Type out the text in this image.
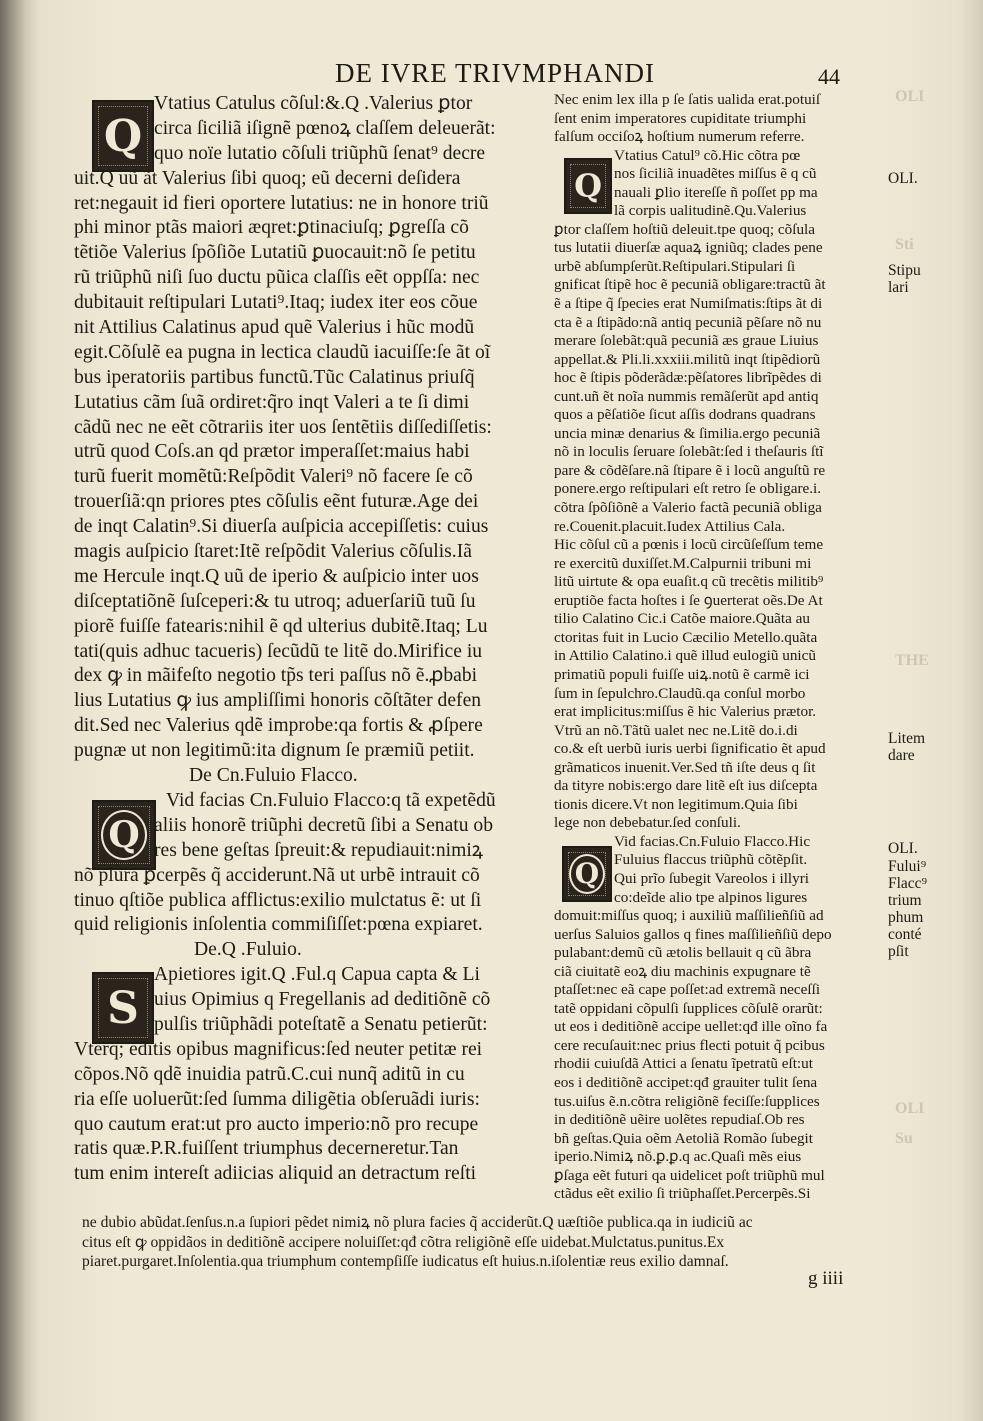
OLI
Sti
THE
OLI
Su
DE IVRE TRIVMPHANDI	44
Q
Q
S
Q
Q
Vtatius Catulus cõſul:&.Q .Valerius ꝑtor
circa ſiciliã iſignẽ pœnoꝝ claſſem deleuerãt:
quo noïe lutatio cõſuli triũphũ ſenat⁹ decre
uit.Q uũ ãt Valerius ſibi quoq; eũ decerni deſidera
ret:negauit id fieri oportere lutatius: ne in honore triũ
phi minor ptãs maiori æqret:ꝑtinaciuſq; ꝑgreſſa cõ
tẽtiõe Valerius ſpõſiõe Lutatiũ ꝑuocauit:nõ ſe petitu
rũ triũphũ niſi ſuo ductu pũica claſſis eẽt oppſſa: nec
dubitauit reſtipulari Lutati⁹.Itaq; iudex iter eos cõue
nit Attilius Calatinus apud quẽ Valerius i hũc modũ
egit.Cõſulẽ ea pugna in lectica claudũ iacuiſſe:ſe ãt oĩ
bus iperatoriis partibus functũ.Tũc Calatinus priuſq̃
Lutatius cãm ſuã ordiret:q̃ro inqt Valeri a te ſi dimi
cãdũ nec ne eẽt cõtrariis iter uos ſentẽtiis diſſediſſetis:
utrũ quod Coſs.an qd prætor imperaſſet:maius habi
turũ fuerit momẽtũ:Reſpõdit Valeri⁹ nõ facere ſe cõ
trouerſiã:qn priores ptes cõſulis eẽnt futuræ.Age dei
de inqt Calatin⁹.Si diuerſa auſpicia accepiſſetis: cuius
magis auſpicio ſtaret:Itẽ reſpõdit Valerius cõſulis.Iã
me Hercule inqt.Q uũ de iperio & auſpicio inter uos
diſceptatiõnẽ ſuſceperi:& tu utroq; aduerſariũ tuũ ſu
piorẽ fuiſſe fatearis:nihil ẽ qd ulterius dubitẽ.Itaq; Lu
tati(quis adhuc tacueris) ſecũdũ te litẽ do.Mirifice iu
dex ꝙ in mãifeſto negotio tp̃s teri paſſus nõ ẽ.ꝓbabi
lius Lutatius ꝙ ius ampliſſimi honoris cõſtãter defen
dit.Sed nec Valerius qdẽ improbe:qa fortis & ꝓſpere
pugnæ ut non legitimũ:ita dignum ſe præmiũ petiit.
De Cn.Fuluio Flacco.
Vid facias Cn.Fuluio Flacco:q tã expetẽdũ
aliis honorẽ triũphi decretũ ſibi a Senatu ob
res bene geſtas ſpreuit:& repudiauit:nimiꝝ
nõ plura ꝑcerpẽs q̃ acciderunt.Nã ut urbẽ intrauit cõ
tinuo qſtiõe publica afflictus:exilio mulctatus ẽ: ut ſi
quid religionis inſolentia commiſiſſet:pœna expiaret.
De.Q .Fuluio.
Apietiores igit.Q .Ful.q Capua capta & Li
uius Opimius q Fregellanis ad deditiõnẽ cõ
pulſis triũphãdi poteſtatẽ a Senatu petierũt:
Vterq; editis opibus magnificus:ſed neuter petitæ rei
cõpos.Nõ qdẽ inuidia patrũ.C.cui nunq̃ aditũ in cu
ria eſſe uoluerũt:ſed ſumma diligẽtia obſeruãdi iuris:
quo cautum erat:ut pro aucto imperio:nõ pro recupe
ratis quæ.P.R.fuiſſent triumphus decerneretur.Tan
tum enim intereſt adiicias aliquid an detractum reſti
Nec enim lex illa p ſe ſatis ualida erat.potuiſ
ſent enim imperatores cupiditate triumphi
falſum occiſoꝝ hoſtium numerum referre.
Vtatius Catul⁹ cõ.Hic cõtra pœ
nos ſiciliã inuadẽtes miſſus ẽ q cũ
nauali ꝑlio itereſſe ñ poſſet pp ma
lã corpis ualitudinẽ.Qu.Valerius
ꝑtor claſſem hoſtiũ deleuit.tpe quoq; cõſula
tus lutatii diuerſæ aquaꝝ igniũq; clades pene
urbẽ abſumpſerũt.Reſtipulari.Stipulari ſi
gnificat ſtipẽ hoc ẽ pecuniã obligare:tractũ ãt
ẽ a ſtipe q̃ ſpecies erat Numiſmatis:ſtips ãt di
cta ẽ a ſtipãdo:nã antiq pecuniã pẽſare nõ nu
merare ſolebãt:quã pecuniã æs graue Liuius
appellat.& Pli.li.xxxiii.militũ inqt ſtipẽdiorũ
hoc ẽ ſtipis põderãdæ:pẽſatores librĩpẽdes di
cunt.uñ ẽt noĩa nummis remãſerũt apd antiq
quos a pẽſatiõe ſicut aſſis dodrans quadrans
uncia minæ denarius & ſimilia.ergo pecuniã
nõ in loculis ſeruare ſolebãt:ſed i theſauris ſtĩ
pare & cõdẽſare.nã ſtipare ẽ i locũ anguſtũ re
ponere.ergo reſtipulari eſt retro ſe obligare.i.
cõtra ſpõſiõnẽ a Valerio factã pecuniã obliga
re.Couenit.placuit.Iudex Attilius Cala.
Hic cõſul cũ a pœnis i locũ circũſeſſum teme
re exercitũ duxiſſet.M.Calpurnii tribuni mi
litũ uirtute & opa euaſit.q cũ trecẽtis militib⁹
eruptiõe facta hoſtes i ſe ꝯuerterat oẽs.De At
tilio Calatino Cic.i Catõe maiore.Quãta au
ctoritas fuit in Lucio Cæcilio Metello.quãta
in Attilio Calatino.i quẽ illud eulogiũ unicũ
primatiũ populi fuiſſe uiꝝ.notũ ẽ carmẽ ici
ſum in ſepulchro.Claudũ.qa conſul morbo
erat implicitus:miſſus ẽ hic Valerius prætor.
Vtrũ an nõ.Tãtũ ualet nec ne.Litẽ do.i.di
co.& eſt uerbũ iuris uerbi ſignificatio ẽt apud
grãmaticos inuenit.Ver.Sed tñ iſte deus q ſit
da tityre nobis:ergo dare litẽ eſt ius diſcepta
tionis dicere.Vt non legitimum.Quia ſibi
lege non debebatur.ſed conſuli.
Vid facias.Cn.Fuluio Flacco.Hic
Fuluius flaccus triũphũ cõtẽpſit.
Qui prĩo ſubegit Vareolos i illyri
co:deĩde alio tpe alpinos ligures
domuit:miſſus quoq; i auxiliũ maſſilieñſiũ ad
uerſus Saluios gallos q fines maſſilieñſiũ depo
pulabant:demũ cũ ætolis bellauit q cũ ãbra
ciã ciuitatẽ eoꝝ diu machinis expugnare tẽ
ptaſſet:nec eã cape poſſet:ad extremã neceſſi
tatẽ oppidani cõpulſi ſupplices cõſulẽ orarũt:
ut eos i deditiõnẽ accipe uellet:qđ ille oĩno fa
cere recuſauit:nec prius flecti potuit q̃ pcibus
rhodii cuiuſdã Attici a ſenatu ĩpetratũ eſt:ut
eos i deditiõnẽ accipet:qđ grauiter tulit ſena
tus.uiſus ẽ.n.cõtra religiõnẽ feciſſe:ſupplices
in deditiõnẽ uẽire uolẽtes repudiaſ.Ob res
bñ geſtas.Quia oẽm Aetoliã Romão ſubegit
iperio.Nimiꝝ nõ.ꝑ.ꝑ.q ac.Quaſi mẽs eius
ꝑſaga eẽt futuri qa uidelicet poſt triũphũ mul
ctãdus eẽt exilio ſi triũphaſſet.Percerpẽs.Si
ne dubio abũdat.ſenſus.n.a ſupiori pẽdet nimiꝝ nõ plura facies q̃ acciderũt.Q uæſtiõe publica.qa in iudiciũ ac
citus eſt ꝙ oppidãos in deditiõnẽ accipere noluiſſet:qđ cõtra religiõnẽ eſſe uidebat.Mulctatus.punitus.Ex
piaret.purgaret.Inſolentia.qua triumphum contempſiſſe iudicatus eſt huius.n.iſolentiæ reus exilio damnaſ.
OLI.
Stipu
lari
Litem
dare
OLI.
Fului⁹
Flacc⁹
trium
phum
conté
pſit
g iiii
